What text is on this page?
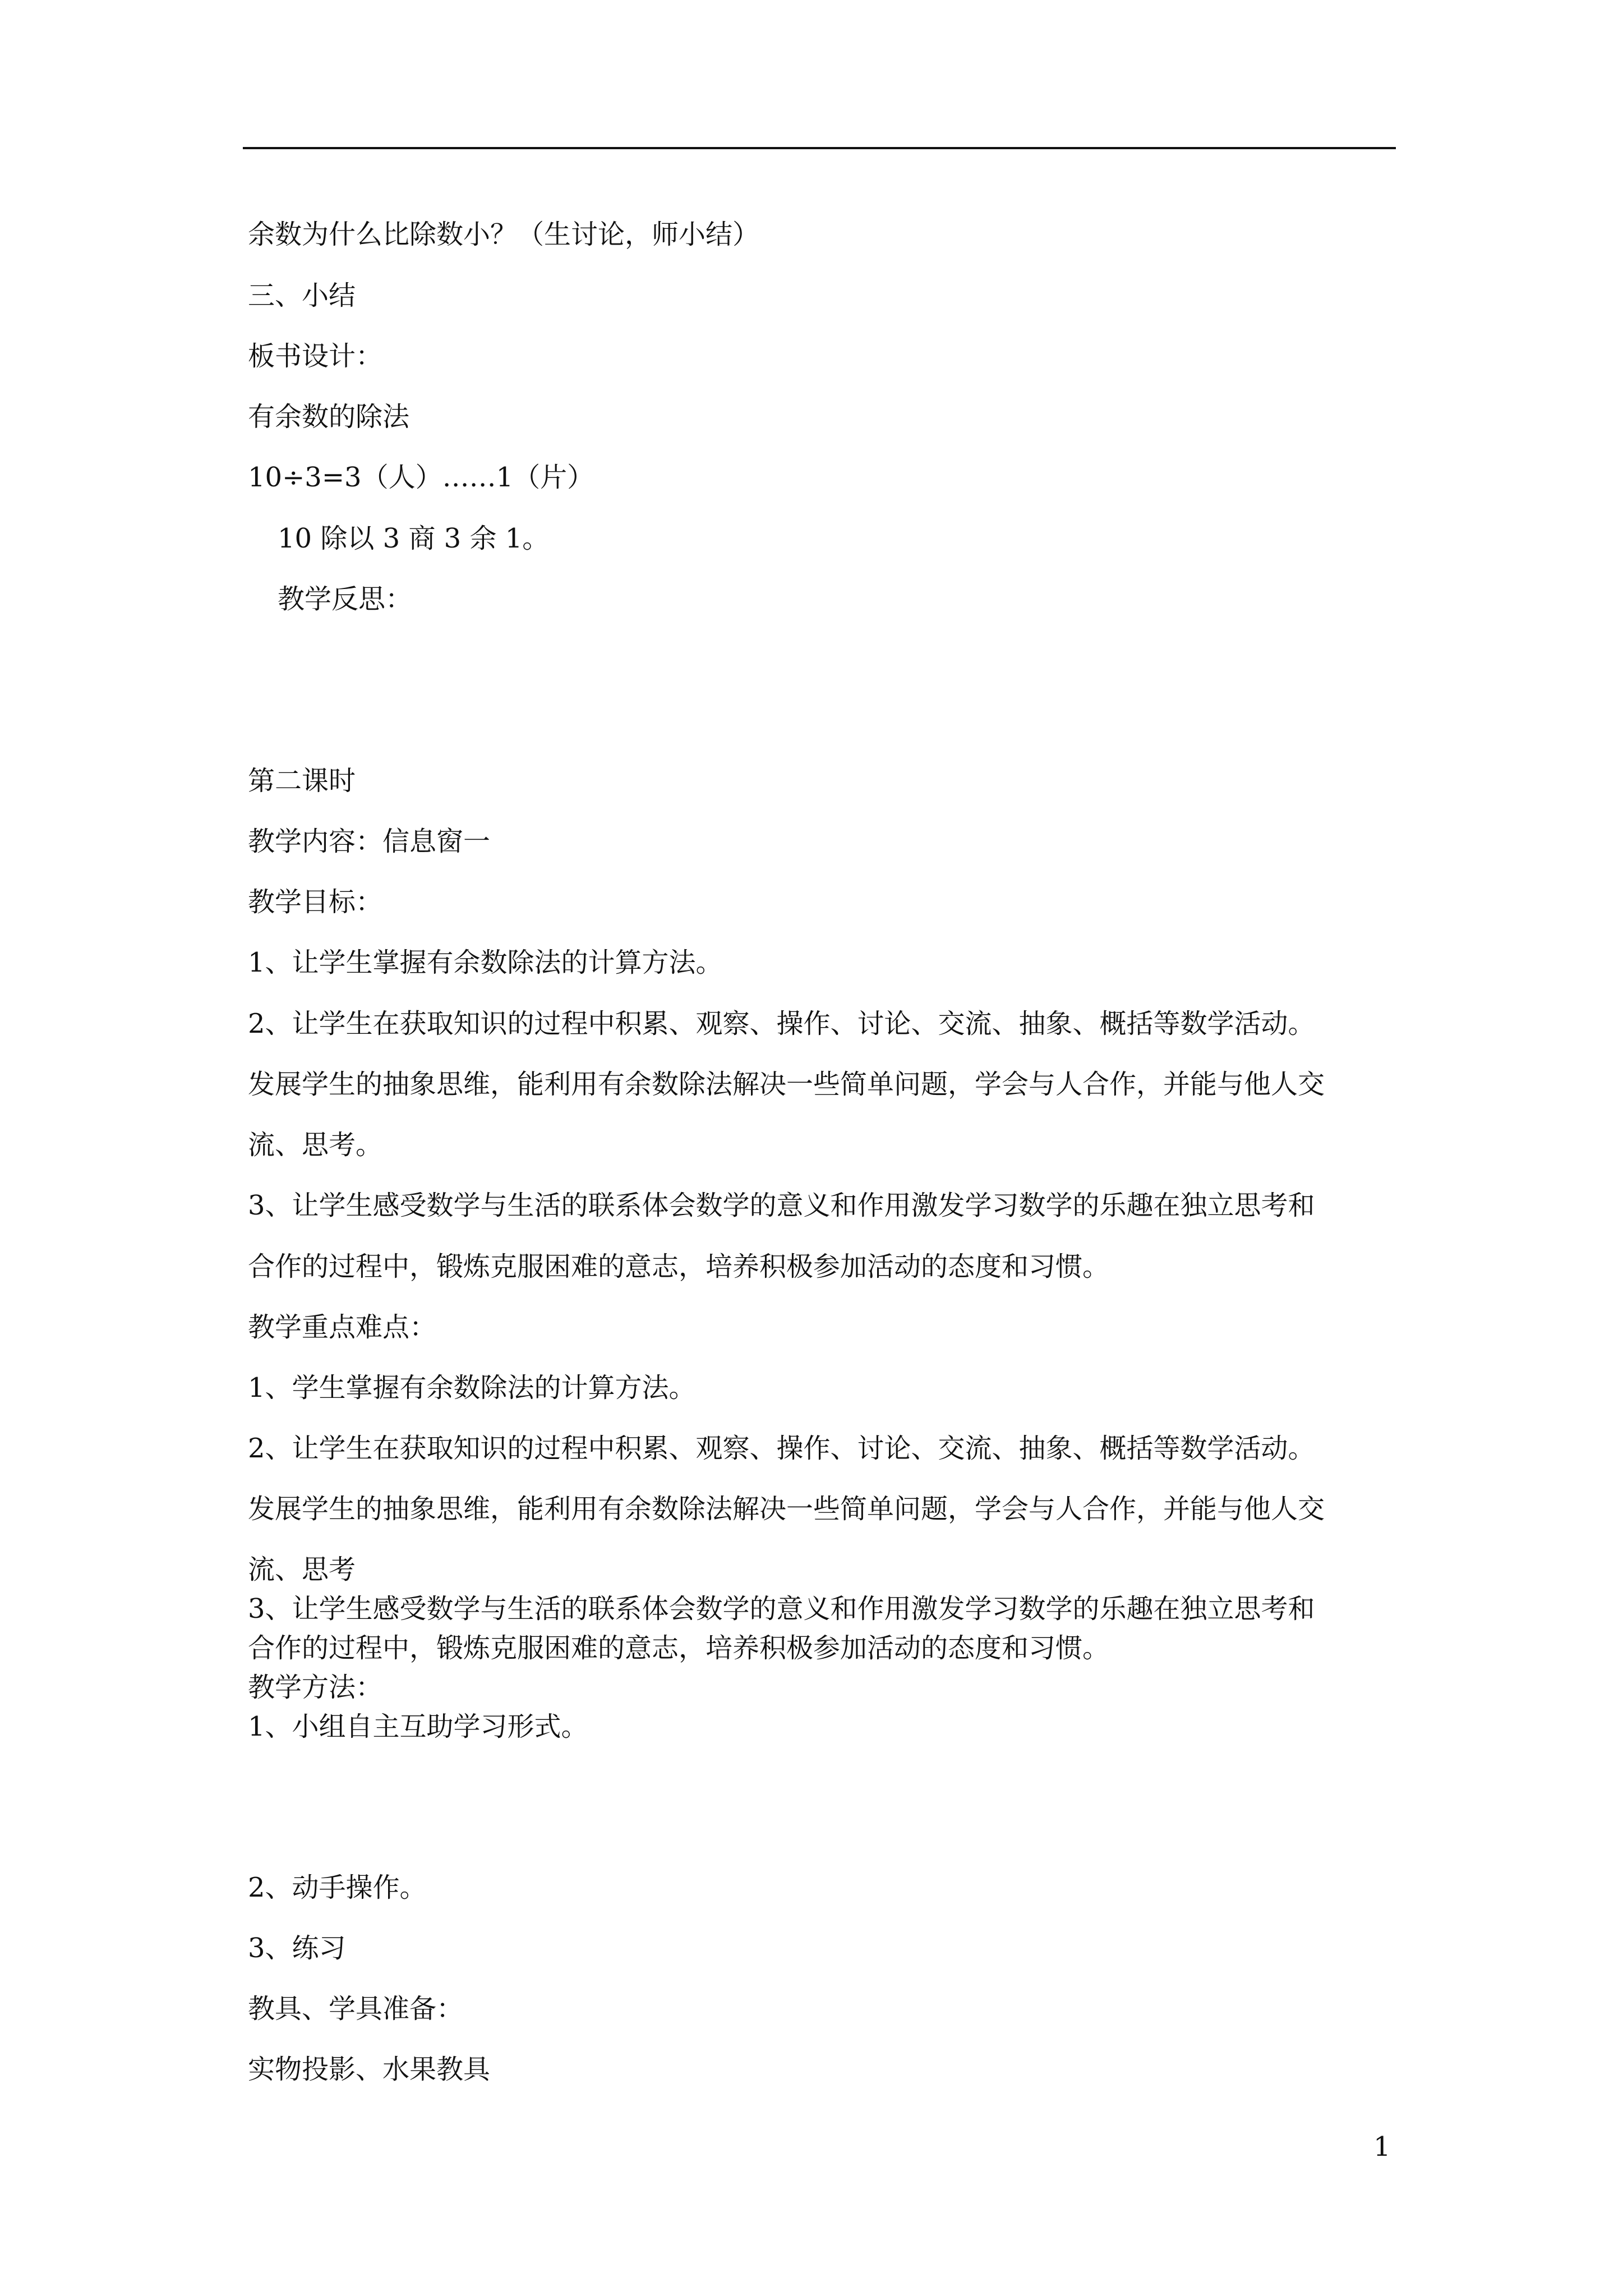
余数为什么比除数小？（生讨论，师小结）
三、小结
板书设计：
有余数的除法
10÷3=3（人）……1（片）
10 除以 3 商 3 余 1。
教学反思：
第二课时
教学内容：信息窗一
教学目标：
1、让学生掌握有余数除法的计算方法。
2、让学生在获取知识的过程中积累、观察、操作、讨论、交流、抽象、概括等数学活动。
发展学生的抽象思维，能利用有余数除法解决一些简单问题，学会与人合作，并能与他人交
流、思考。
3、让学生感受数学与生活的联系体会数学的意义和作用激发学习数学的乐趣在独立思考和
合作的过程中，锻炼克服困难的意志，培养积极参加活动的态度和习惯。
教学重点难点：
1、学生掌握有余数除法的计算方法。
2、让学生在获取知识的过程中积累、观察、操作、讨论、交流、抽象、概括等数学活动。
发展学生的抽象思维，能利用有余数除法解决一些简单问题，学会与人合作，并能与他人交
流、思考
3、让学生感受数学与生活的联系体会数学的意义和作用激发学习数学的乐趣在独立思考和
合作的过程中，锻炼克服困难的意志，培养积极参加活动的态度和习惯。
教学方法：
1、小组自主互助学习形式。
2、动手操作。
3、练习
教具、学具准备：
实物投影、水果教具
1
